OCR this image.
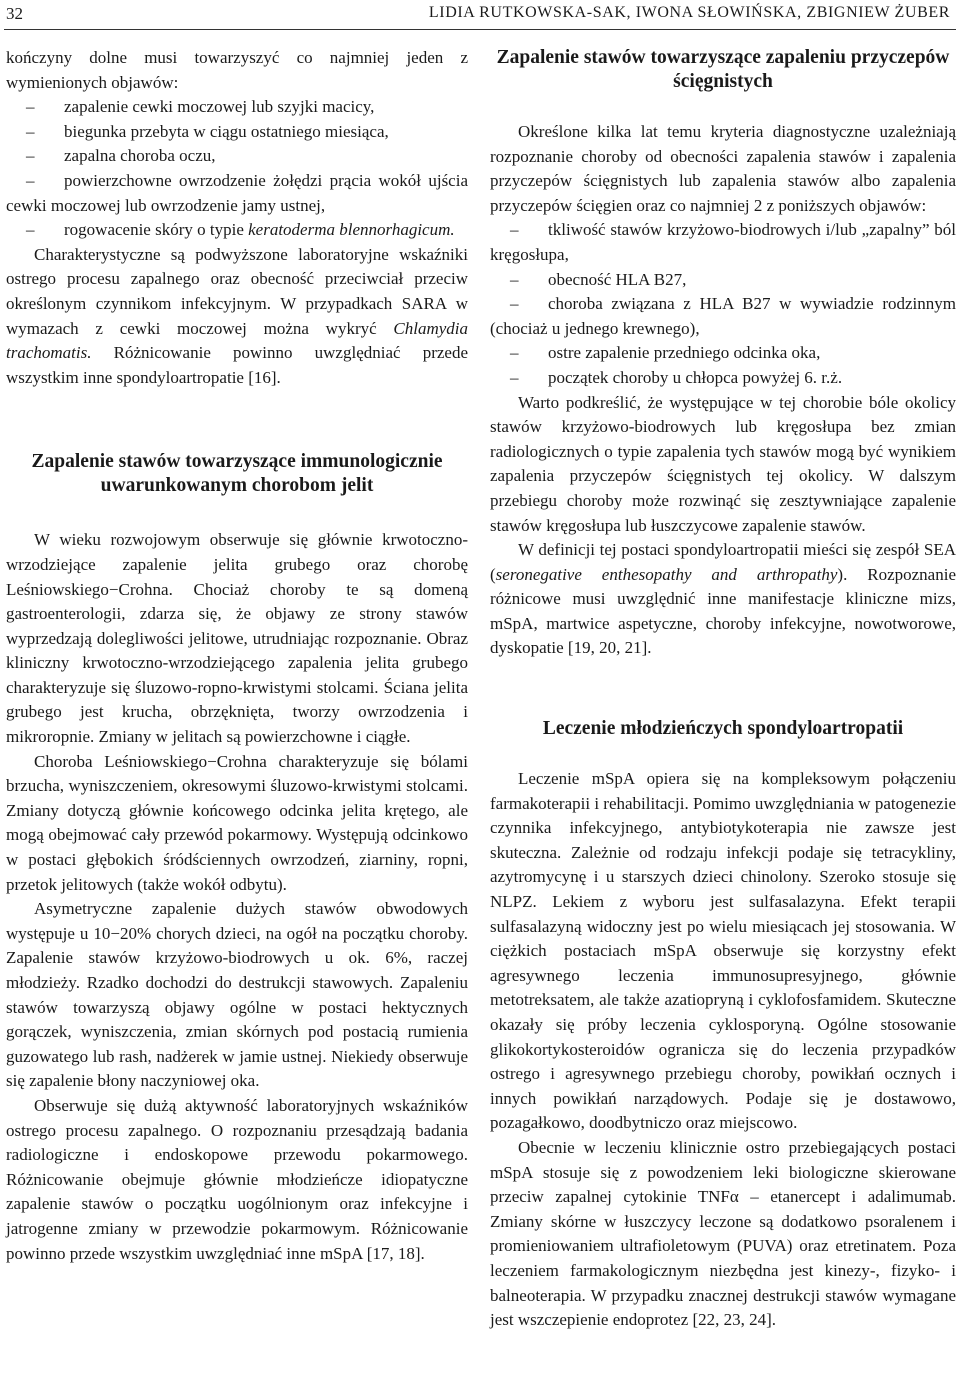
32	LIDIA RUTKOWSKA-SAK, IWONA SŁOWIŃSKA, ZBIGNIEW ŻUBER

kończyny dolne musi towarzyszyć co najmniej jeden z wymienionych objawów:

– zapalenie cewki moczowej lub szyjki macicy,

– biegunka przebyta w ciągu ostatniego miesiąca,

– zapalna choroba oczu,

– powierzchowne owrzodzenie żołędzi prącia wokół ujścia cewki moczowej lub owrzodzenie jamy ustnej,

– rogowacenie skóry o typie keratoderma blennorhagicum.

Charakterystyczne są podwyższone laboratoryjne wskaźniki ostrego procesu zapalnego oraz obecność przeciwciał przeciw określonym czynnikom infekcyjnym. W przypadkach SARA w wymazach z cewki moczowej można wykryć Chlamydia trachomatis. Różnicowanie powinno uwzględniać przede wszystkim inne spondyloartropatie [16].

Zapalenie stawów towarzyszące immunologicznie uwarunkowanym chorobom jelit

W wieku rozwojowym obserwuje się głównie krwotoczno-wrzodziejące zapalenie jelita grubego oraz chorobę Leśniowskiego−Crohna. Chociaż choroby te są domeną gastroenterologii, zdarza się, że objawy ze strony stawów wyprzedzają dolegliwości jelitowe, utrudniając rozpoznanie. Obraz kliniczny krwotoczno-wrzodziejącego zapalenia jelita grubego charakteryzuje się śluzowo-ropno-krwistymi stolcami. Ściana jelita grubego jest krucha, obrzęknięta, tworzy owrzodzenia i mikroropnie. Zmiany w jelitach są powierzchowne i ciągłe.

Choroba Leśniowskiego−Crohna charakteryzuje się bólami brzucha, wyniszczeniem, okresowymi śluzowo-krwistymi stolcami. Zmiany dotyczą głównie końcowego odcinka jelita krętego, ale mogą obejmować cały przewód pokarmowy. Występują odcinkowo w postaci głębokich śródściennych owrzodzeń, ziarniny, ropni, przetok jelitowych (także wokół odbytu).

Asymetryczne zapalenie dużych stawów obwodowych występuje u 10−20% chorych dzieci, na ogół na początku choroby. Zapalenie stawów krzyżowo-biodrowych u ok. 6%, raczej młodzieży. Rzadko dochodzi do destrukcji stawowych. Zapaleniu stawów towarzyszą objawy ogólne w postaci hektycznych gorączek, wyniszczenia, zmian skórnych pod postacią rumienia guzowatego lub rash, nadżerek w jamie ustnej. Niekiedy obserwuje się zapalenie błony naczyniowej oka.

Obserwuje się dużą aktywność laboratoryjnych wskaźników ostrego procesu zapalnego. O rozpoznaniu przesądzają badania radiologiczne i endoskopowe przewodu pokarmowego. Różnicowanie obejmuje głównie młodzieńcze idiopatyczne zapalenie stawów o początku uogólnionym oraz infekcyjne i jatrogenne zmiany w przewodzie pokarmowym. Różnicowanie powinno przede wszystkim uwzględniać inne mSpA [17, 18].

Zapalenie stawów towarzyszące zapaleniu przyczepów ścięgnistych

Określone kilka lat temu kryteria diagnostyczne uzależniają rozpoznanie choroby od obecności zapalenia stawów i zapalenia przyczepów ścięgnistych lub zapalenia stawów albo zapalenia przyczepów ścięgien oraz co najmniej 2 z poniższych objawów:

– tkliwość stawów krzyżowo-biodrowych i/lub „zapalny” ból kręgosłupa,

– obecność HLA B27,

– choroba związana z HLA B27 w wywiadzie rodzinnym (chociaż u jednego krewnego),

– ostre zapalenie przedniego odcinka oka,

– początek choroby u chłopca powyżej 6. r.ż.

Warto podkreślić, że występujące w tej chorobie bóle okolicy stawów krzyżowo-biodrowych lub kręgosłupa bez zmian radiologicznych o typie zapalenia tych stawów mogą być wynikiem zapalenia przyczepów ścięgnistych tej okolicy. W dalszym przebiegu choroby może rozwinąć się zesztywniające zapalenie stawów kręgosłupa lub łuszczycowe zapalenie stawów.

W definicji tej postaci spondyloartropatii mieści się zespół SEA (seronegative enthesopathy and arthropathy). Rozpoznanie różnicowe musi uwzględnić inne manifestacje kliniczne mizs, mSpA, martwice aspetyczne, choroby infekcyjne, nowotworowe, dyskopatie [19, 20, 21].

Leczenie młodzieńczych spondyloartropatii

Leczenie mSpA opiera się na kompleksowym połączeniu farmakoterapii i rehabilitacji. Pomimo uwzględniania w patogenezie czynnika infekcyjnego, antybiotykoterapia nie zawsze jest skuteczna. Zależnie od rodzaju infekcji podaje się tetracykliny, azytromycynę i u starszych dzieci chinolony. Szeroko stosuje się NLPZ. Lekiem z wyboru jest sulfasalazyna. Efekt terapii sulfasalazyną widoczny jest po wielu miesiącach jej stosowania. W ciężkich postaciach mSpA obserwuje się korzystny efekt agresywnego leczenia immunosupresyjnego, głównie metotreksatem, ale także azatiopryną i cyklofosfamidem. Skuteczne okazały się próby leczenia cyklosporyną. Ogólne stosowanie glikokortykosteroidów ogranicza się do leczenia przypadków ostrego i agresywnego przebiegu choroby, powikłań ocznych i innych powikłań narządowych. Podaje się je dostawowo, pozagałkowo, doodbytniczo oraz miejscowo.

Obecnie w leczeniu klinicznie ostro przebiegających postaci mSpA stosuje się z powodzeniem leki biologiczne skierowane przeciw zapalnej cytokinie TNFα – etanercept i adalimumab. Zmiany skórne w łuszczycy leczone są dodatkowo psoralenem i promieniowaniem ultrafioletowym (PUVA) oraz etretinatem. Poza leczeniem farmakologicznym niezbędna jest kinezy-, fizyko- i balneoterapia. W przypadku znacznej destrukcji stawów wymagane jest wszczepienie endoprotez [22, 23, 24].
